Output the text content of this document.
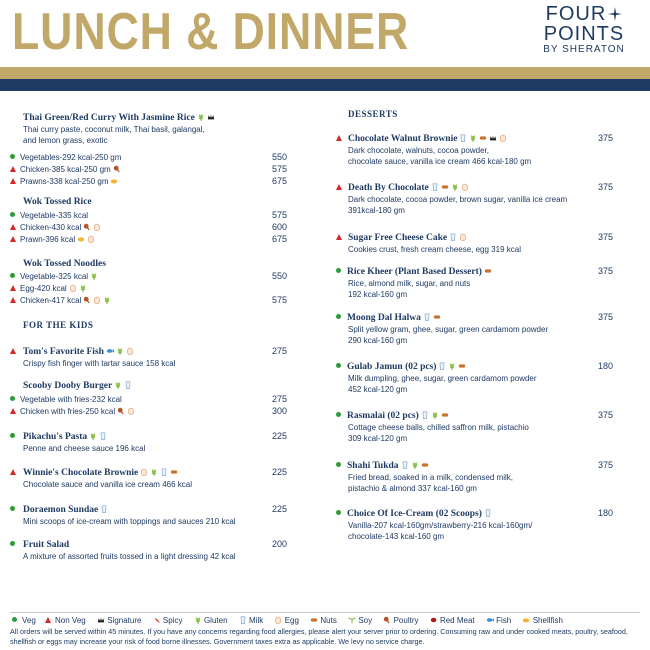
LUNCH & DINNER	FOUR
POINTS
BY SHERATON
Thai Green/Red Curry With Jasmine Rice
Thai curry paste, coconut milk, Thai basil, galangal,
and lemon grass, exotic
Vegetables-292 kcal-250 gm	550
Chicken-385 kcal-250 gm	575
Prawns-338 kcal-250 gm	675
Wok Tossed Rice
Vegetable-335 kcal	575
Chicken-430 kcal	600
Prawn-396 kcal	675
Wok Tossed Noodles
Vegetable-325 kcal	550
Egg-420 kcal
Chicken-417 kcal	575
FOR THE KIDS
Tom's Favorite Fish
Crispy fish finger with tartar sauce 158 kcal
275
Scooby Dooby Burger
Vegetable with fries-232 kcal	275
Chicken with fries-250 kcal	300
Pikachu's Pasta
Penne and cheese sauce 196 kcal
225
Winnie's Chocolate Brownie
Chocolate sauce and vanilla ice cream 466 kcal
225
Doraemon Sundae
Mini scoops of ice-cream with toppings and sauces 210 kcal
225
Fruit Salad
A mixture of assorted fruits tossed in a light dressing 42 kcal
200
DESSERTS
Chocolate Walnut Brownie
Dark chocolate, walnuts, cocoa powder,
chocolate sauce, vanilla ice cream 466 kcal-180 gm
375
Death By Chocolate
Dark chocolate, cocoa powder, brown sugar, vanilla ice cream
391kcal-180 gm
375
Sugar Free Cheese Cake
Cookies crust, fresh cream cheese, egg 319 kcal
375
Rice Kheer (Plant Based Dessert)
Rice, almond milk, sugar, and nuts
192 kcal-160 gm
375
Moong Dal Halwa
Split yellow gram, ghee, sugar, green cardamom powder
290 kcal-160 gm
375
Gulab Jamun (02 pcs)
Milk dumpling, ghee, sugar, green cardamom powder
452 kcal-120 gm
180
Rasmalai (02 pcs)
Cottage cheese balls, chilled saffron milk, pistachio
309 kcal-120 gm
375
Shahi Tukda
Fried bread, soaked in a milk, condensed milk,
pistachio & almond 337 kcal-160 gm
375
Choice Of Ice-Cream (02 Scoops)
Vanilla-207 kcal-160gm/strawberry-216 kcal-160gm/
chocolate-143 kcal-160 gm
180
Veg Non Veg	Signature	Spicy	Gluten	Milk	Egg	Nuts	Soy	Poultry	Red Meat	Fish	Shellfish
All orders will be served within 45 minutes. If you have any concerns regarding food allergies, please alert your server prior to ordering. Consuming raw and under cooked meats, poultry, seafood, shellfish or eggs may increase your risk of food borne illnesses. Government taxes extra as applicable. We levy no service charge.
